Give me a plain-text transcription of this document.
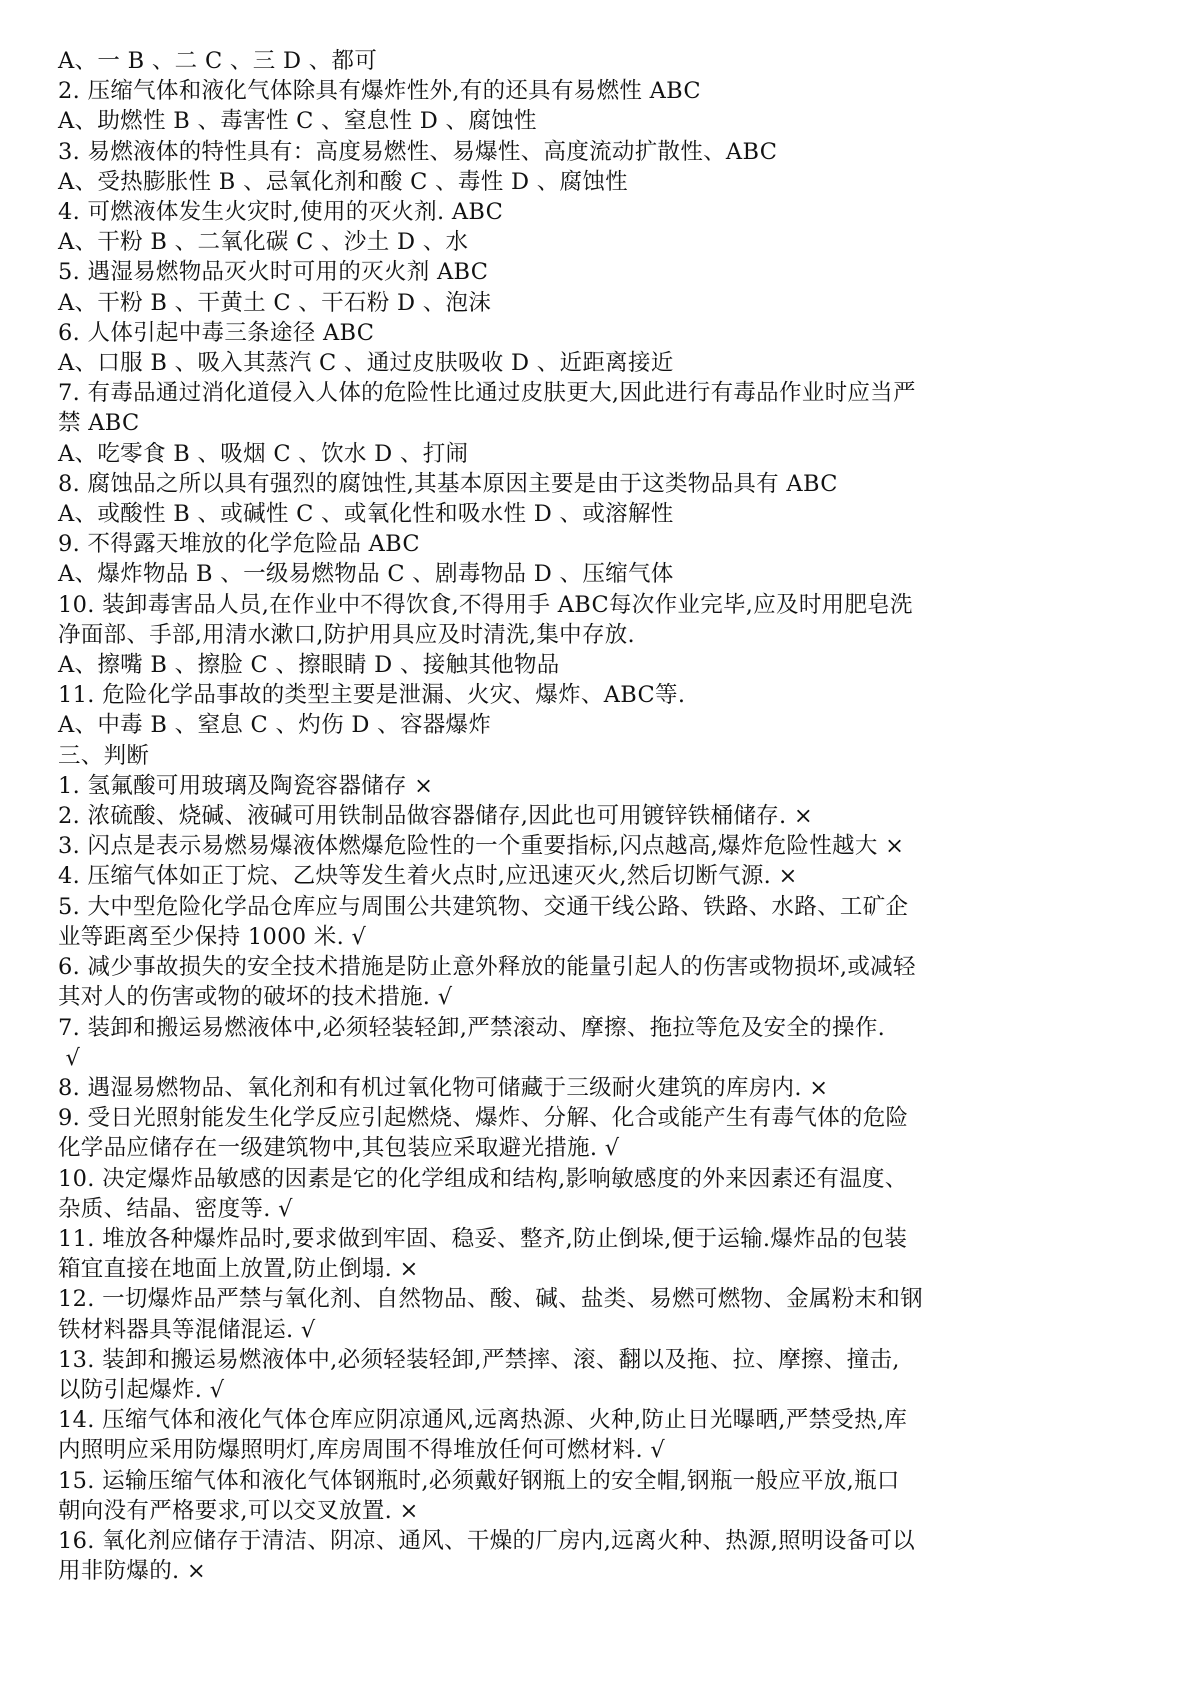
A、一 B 、二 C 、三 D 、都可

2. 压缩气体和液化气体除具有爆炸性外,有的还具有易燃性 ABC

A、助燃性 B 、毒害性 C 、窒息性 D 、腐蚀性

3. 易燃液体的特性具有：高度易燃性、易爆性、高度流动扩散性、ABC

A、受热膨胀性 B 、忌氧化剂和酸 C 、毒性 D 、腐蚀性

4. 可燃液体发生火灾时,使用的灭火剂. ABC

A、干粉 B 、二氧化碳 C 、沙土 D 、水

5. 遇湿易燃物品灭火时可用的灭火剂 ABC

A、干粉 B 、干黄土 C 、干石粉 D 、泡沫

6. 人体引起中毒三条途径 ABC

A、口服 B 、吸入其蒸汽 C 、通过皮肤吸收 D 、近距离接近

7. 有毒品通过消化道侵入人体的危险性比通过皮肤更大,因此进行有毒品作业时应当严

禁 ABC

A、吃零食 B 、吸烟 C 、饮水 D 、打闹

8. 腐蚀品之所以具有强烈的腐蚀性,其基本原因主要是由于这类物品具有 ABC

A、或酸性 B 、或碱性 C 、或氧化性和吸水性 D 、或溶解性

9. 不得露天堆放的化学危险品 ABC

A、爆炸物品 B 、一级易燃物品 C 、剧毒物品 D 、压缩气体

10. 装卸毒害品人员,在作业中不得饮食,不得用手 ABC每次作业完毕,应及时用肥皂洗

净面部、手部,用清水漱口,防护用具应及时清洗,集中存放.

A、擦嘴 B 、擦脸 C 、擦眼睛 D 、接触其他物品

11. 危险化学品事故的类型主要是泄漏、火灾、爆炸、ABC等.

A、中毒 B 、窒息 C 、灼伤 D 、容器爆炸

三、判断

1. 氢氟酸可用玻璃及陶瓷容器储存 ×

2. 浓硫酸、烧碱、液碱可用铁制品做容器储存,因此也可用镀锌铁桶储存. ×

3. 闪点是表示易燃易爆液体燃爆危险性的一个重要指标,闪点越高,爆炸危险性越大 ×

4. 压缩气体如正丁烷、乙炔等发生着火点时,应迅速灭火,然后切断气源. ×

5. 大中型危险化学品仓库应与周围公共建筑物、交通干线公路、铁路、水路、工矿企

业等距离至少保持 1000 米. √

6. 减少事故损失的安全技术措施是防止意外释放的能量引起人的伤害或物损坏,或减轻

其对人的伤害或物的破坏的技术措施. √

7. 装卸和搬运易燃液体中,必须轻装轻卸,严禁滚动、摩擦、拖拉等危及安全的操作.

√

8. 遇湿易燃物品、氧化剂和有机过氧化物可储藏于三级耐火建筑的库房内. ×

9. 受日光照射能发生化学反应引起燃烧、爆炸、分解、化合或能产生有毒气体的危险

化学品应储存在一级建筑物中,其包装应采取避光措施. √

10. 决定爆炸品敏感的因素是它的化学组成和结构,影响敏感度的外来因素还有温度、

杂质、结晶、密度等. √

11. 堆放各种爆炸品时,要求做到牢固、稳妥、整齐,防止倒垛,便于运输.爆炸品的包装

箱宜直接在地面上放置,防止倒塌. ×

12. 一切爆炸品严禁与氧化剂、自然物品、酸、碱、盐类、易燃可燃物、金属粉末和钢

铁材料器具等混储混运. √

13. 装卸和搬运易燃液体中,必须轻装轻卸,严禁摔、滚、翻以及拖、拉、摩擦、撞击,

以防引起爆炸. √

14. 压缩气体和液化气体仓库应阴凉通风,远离热源、火种,防止日光曝晒,严禁受热,库

内照明应采用防爆照明灯,库房周围不得堆放任何可燃材料. √

15. 运输压缩气体和液化气体钢瓶时,必须戴好钢瓶上的安全帽,钢瓶一般应平放,瓶口

朝向没有严格要求,可以交叉放置. ×

16. 氧化剂应储存于清洁、阴凉、通风、干燥的厂房内,远离火种、热源,照明设备可以

用非防爆的. ×
